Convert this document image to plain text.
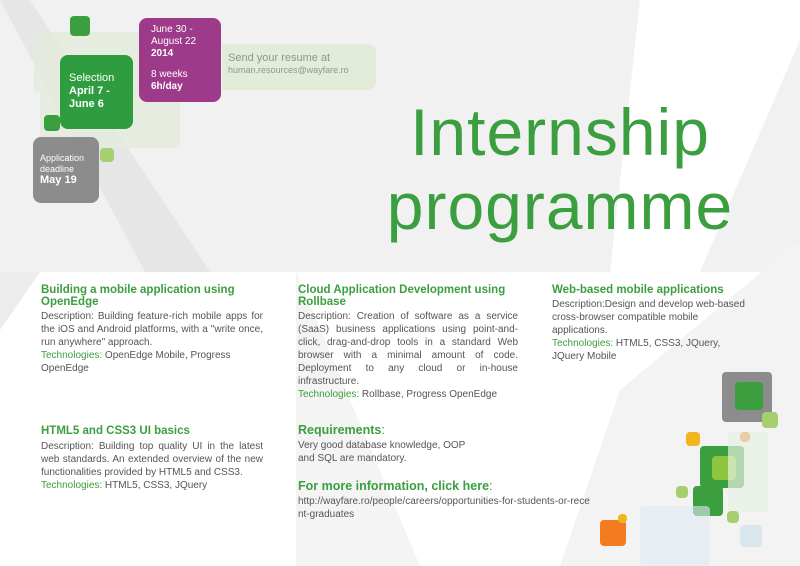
June 30 -
August 22
2014
8 weeks
6h/day
Send your resume at
human.resources@wayfare.ro
Selection
April 7 -
June 6
Application
deadline
May 19
Internship
programme
Building a mobile application using OpenEdge

Description: Building feature-rich mobile apps for the iOS and Android platforms, with a "write once, run anywhere" approach.

Technologies: OpenEdge Mobile, Progress OpenEdge

HTML5 and CSS3 UI basics

Description: Building top quality UI in the latest web standards. An extended overview of the new functionalities provided by HTML5 and CSS3.

Technologies: HTML5, CSS3, JQuery

Cloud Application Development using Rollbase

Description: Creation of software as a service (SaaS) business applications using point-and-click, drag-and-drop tools in a standard Web browser with a minimal amount of code. Deployment to any cloud or in-house infrastructure.

Technologies: Rollbase, Progress OpenEdge

Requirements:

Very good database knowledge, OOP

and SQL are mandatory.

For more information, click here:

http://wayfare.ro/people/careers/opportunities-for-students-or-recent-graduates

Web-based mobile applications

Description:Design and develop web-based cross-browser compatible mobile applications.

Technologies: HTML5, CSS3, JQuery, JQuery Mobile
